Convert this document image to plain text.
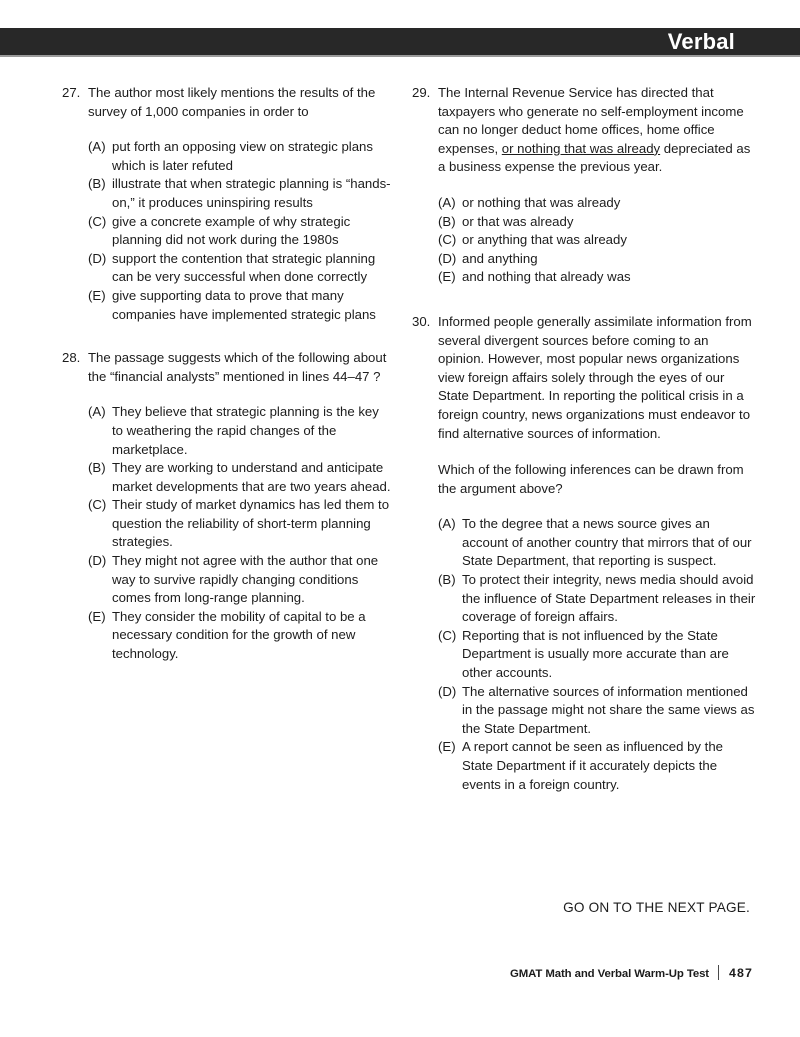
Verbal
27. The author most likely mentions the results of the survey of 1,000 companies in order to
(A) put forth an opposing view on strategic plans which is later refuted
(B) illustrate that when strategic planning is “hands-on,” it produces uninspiring results
(C) give a concrete example of why strategic planning did not work during the 1980s
(D) support the contention that strategic planning can be very successful when done correctly
(E) give supporting data to prove that many companies have implemented strategic plans
28. The passage suggests which of the following about the “financial analysts” mentioned in lines 44–47 ?
(A) They believe that strategic planning is the key to weathering the rapid changes of the marketplace.
(B) They are working to understand and anticipate market developments that are two years ahead.
(C) Their study of market dynamics has led them to question the reliability of short-term planning strategies.
(D) They might not agree with the author that one way to survive rapidly changing conditions comes from long-range planning.
(E) They consider the mobility of capital to be a necessary condition for the growth of new technology.
29. The Internal Revenue Service has directed that taxpayers who generate no self-employment income can no longer deduct home offices, home office expenses, or nothing that was already depreciated as a business expense the previous year.
(A) or nothing that was already
(B) or that was already
(C) or anything that was already
(D) and anything
(E) and nothing that already was
30. Informed people generally assimilate information from several divergent sources before coming to an opinion. However, most popular news organizations view foreign affairs solely through the eyes of our State Department. In reporting the political crisis in a foreign country, news organizations must endeavor to find alternative sources of information.
Which of the following inferences can be drawn from the argument above?
(A) To the degree that a news source gives an account of another country that mirrors that of our State Department, that reporting is suspect.
(B) To protect their integrity, news media should avoid the influence of State Department releases in their coverage of foreign affairs.
(C) Reporting that is not influenced by the State Department is usually more accurate than are other accounts.
(D) The alternative sources of information mentioned in the passage might not share the same views as the State Department.
(E) A report cannot be seen as influenced by the State Department if it accurately depicts the events in a foreign country.
GO ON TO THE NEXT PAGE.
GMAT Math and Verbal Warm-Up Test 487
